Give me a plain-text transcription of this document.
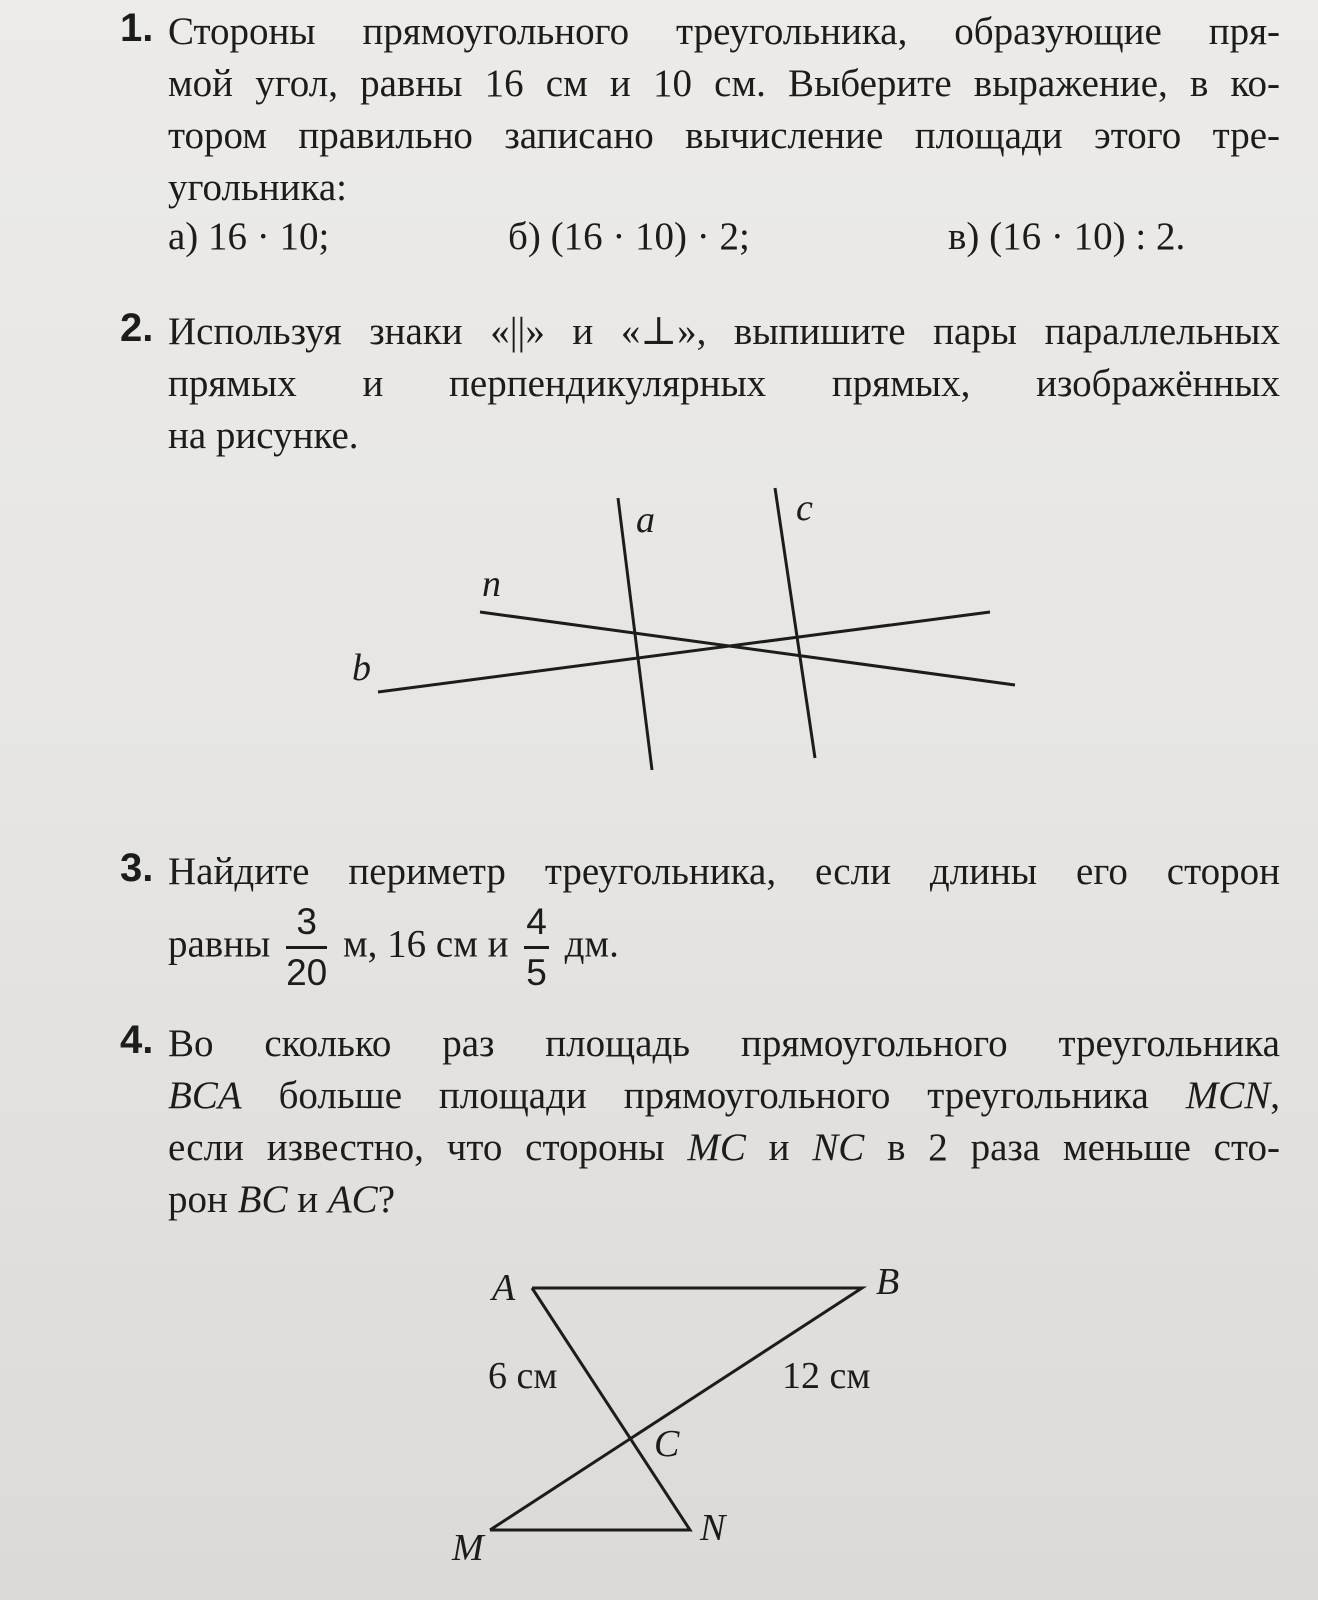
1. Стороны прямоугольного треугольника, образующие пря-
мой угол, равны 16 см и 10 см. Выберите выражение, в ко-
тором правильно записано вычисление площади этого тре-
угольника:
а) 16 · 10;	б) (16 · 10) · 2;	в) (16 · 10) : 2.
2. Используя знаки «||» и «⊥», выпишите пары параллельных
прямых и перпендикулярных прямых, изображённых
на рисунке.
a	c
n
b
3. Найдите периметр треугольника, если длины его сторон
равны $\frac{3}{20} м$, 16 см и $\frac{4}{5}$ дм.
4. Во сколько раз площадь прямоугольного треугольника
BCA больше площади прямоугольного треугольника MCN,
если известно, что стороны MC и NC в 2 раза меньше сто-
рон BC и AC?
A	B
C
M	N
6 см	12 см
